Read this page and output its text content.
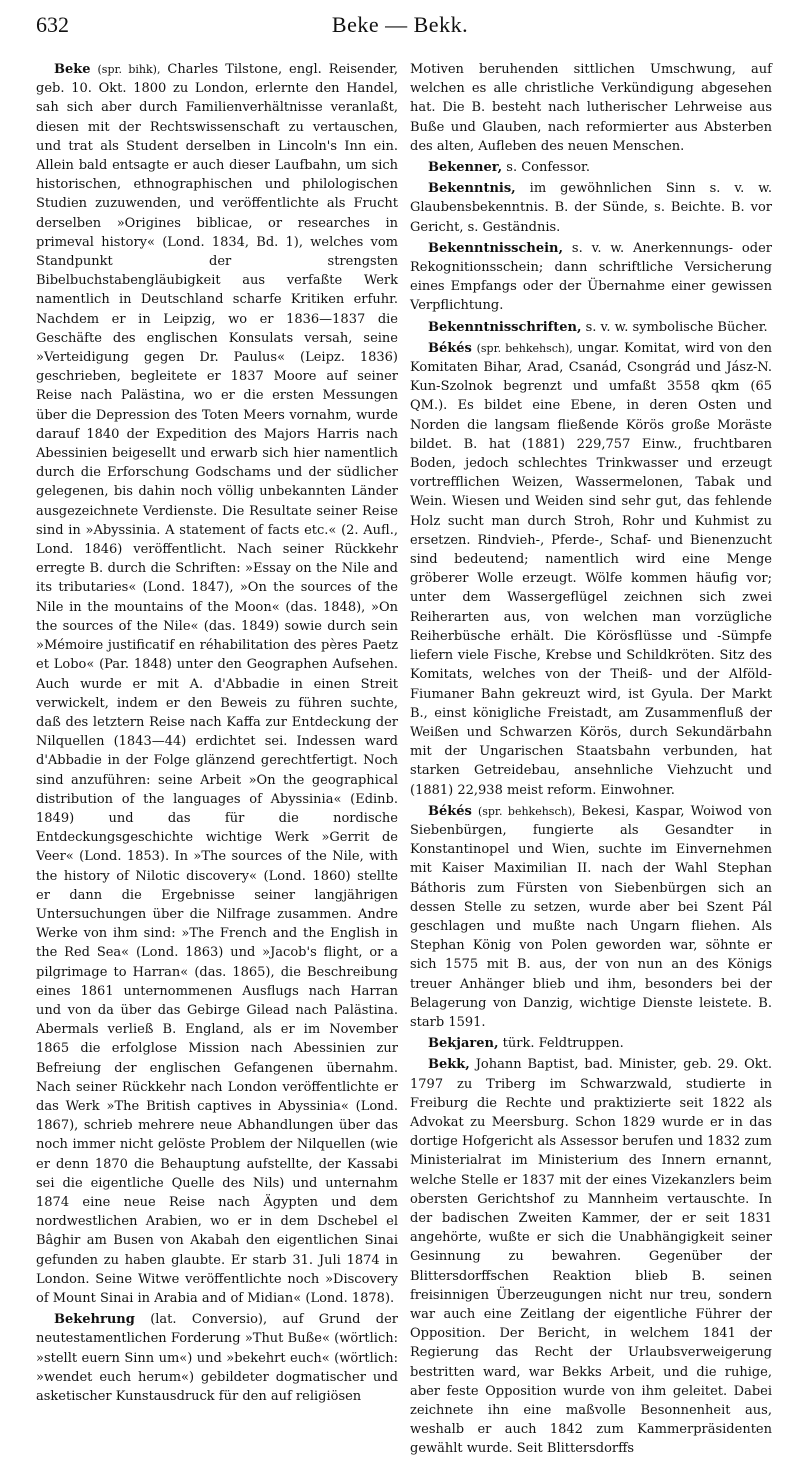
632	Beke — Bekk.

Beke (spr. bihk), Charles Tilstone, engl. Reisender, geb. 10. Okt. 1800 zu London, erlernte den Handel, sah sich aber durch Familienverhältnisse veranlaßt, diesen mit der Rechtswissenschaft zu vertauschen, und trat als Student derselben in Lincoln's Inn ein. Allein bald entsagte er auch dieser Laufbahn, um sich historischen, ethnographischen und philologischen Studien zuzuwenden, und veröffentlichte als Frucht derselben »Origines biblicae, or researches in primeval history« (Lond. 1834, Bd. 1), welches vom Standpunkt der strengsten Bibelbuchstabengläubigkeit aus verfaßte Werk namentlich in Deutschland scharfe Kritiken erfuhr. Nachdem er in Leipzig, wo er 1836—1837 die Geschäfte des englischen Konsulats versah, seine »Verteidigung gegen Dr. Paulus« (Leipz. 1836) geschrieben, begleitete er 1837 Moore auf seiner Reise nach Palästina, wo er die ersten Messungen über die Depression des Toten Meers vornahm, wurde darauf 1840 der Expedition des Majors Harris nach Abessinien beigesellt und erwarb sich hier namentlich durch die Erforschung Godschams und der südlicher gelegenen, bis dahin noch völlig unbekannten Länder ausgezeichnete Verdienste. Die Resultate seiner Reise sind in »Abyssinia. A statement of facts etc.« (2. Aufl., Lond. 1846) veröffentlicht. Nach seiner Rückkehr erregte B. durch die Schriften: »Essay on the Nile and its tributaries« (Lond. 1847), »On the sources of the Nile in the mountains of the Moon« (das. 1848), »On the sources of the Nile« (das. 1849) sowie durch sein »Mémoire justificatif en réhabilitation des pères Paetz et Lobo« (Par. 1848) unter den Geographen Aufsehen. Auch wurde er mit A. d'Abbadie in einen Streit verwickelt, indem er den Beweis zu führen suchte, daß des letztern Reise nach Kaffa zur Entdeckung der Nilquellen (1843—44) erdichtet sei. Indessen ward d'Abbadie in der Folge glänzend gerechtfertigt. Noch sind anzuführen: seine Arbeit »On the geographical distribution of the languages of Abyssinia« (Edinb. 1849) und das für die nordische Entdeckungsgeschichte wichtige Werk »Gerrit de Veer« (Lond. 1853). In »The sources of the Nile, with the history of Nilotic discovery« (Lond. 1860) stellte er dann die Ergebnisse seiner langjährigen Untersuchungen über die Nilfrage zusammen. Andre Werke von ihm sind: »The French and the English in the Red Sea« (Lond. 1863) und »Jacob's flight, or a pilgrimage to Harran« (das. 1865), die Beschreibung eines 1861 unternommenen Ausflugs nach Harran und von da über das Gebirge Gilead nach Palästina. Abermals verließ B. England, als er im November 1865 die erfolglose Mission nach Abessinien zur Befreiung der englischen Gefangenen übernahm. Nach seiner Rückkehr nach London veröffentlichte er das Werk »The British captives in Abyssinia« (Lond. 1867), schrieb mehrere neue Abhandlungen über das noch immer nicht gelöste Problem der Nilquellen (wie er denn 1870 die Behauptung aufstellte, der Kassabi sei die eigentliche Quelle des Nils) und unternahm 1874 eine neue Reise nach Ägypten und dem nordwestlichen Arabien, wo er in dem Dschebel el Bâghir am Busen von Akabah den eigentlichen Sinai gefunden zu haben glaubte. Er starb 31. Juli 1874 in London. Seine Witwe veröffentlichte noch »Discovery of Mount Sinai in Arabia and of Midian« (Lond. 1878).

Bekehrung (lat. Conversio), auf Grund der neutestamentlichen Forderung »Thut Buße« (wörtlich: »stellt euern Sinn um«) und »bekehrt euch« (wörtlich: »wendet euch herum«) gebildeter dogmatischer und asketischer Kunstausdruck für den auf religiösen

Motiven beruhenden sittlichen Umschwung, auf welchen es alle christliche Verkündigung abgesehen hat. Die B. besteht nach lutherischer Lehrweise aus Buße und Glauben, nach reformierter aus Absterben des alten, Aufleben des neuen Menschen.

Bekenner, s. Confessor.

Bekenntnis, im gewöhnlichen Sinn s. v. w. Glaubensbekenntnis. B. der Sünde, s. Beichte. B. vor Gericht, s. Geständnis.

Bekenntnisschein, s. v. w. Anerkennungs- oder Rekognitionsschein; dann schriftliche Versicherung eines Empfangs oder der Übernahme einer gewissen Verpflichtung.

Bekenntnisschriften, s. v. w. symbolische Bücher.

Békés (spr. behkehsch), ungar. Komitat, wird von den Komitaten Bihar, Arad, Csanád, Csongrád und Jász-N. Kun-Szolnok begrenzt und umfaßt 3558 qkm (65 QM.). Es bildet eine Ebene, in deren Osten und Norden die langsam fließende Körös große Moräste bildet. B. hat (1881) 229,757 Einw., fruchtbaren Boden, jedoch schlechtes Trinkwasser und erzeugt vortrefflichen Weizen, Wassermelonen, Tabak und Wein. Wiesen und Weiden sind sehr gut, das fehlende Holz sucht man durch Stroh, Rohr und Kuhmist zu ersetzen. Rindvieh-, Pferde-, Schaf- und Bienenzucht sind bedeutend; namentlich wird eine Menge gröberer Wolle erzeugt. Wölfe kommen häufig vor; unter dem Wassergeflügel zeichnen sich zwei Reiherarten aus, von welchen man vorzügliche Reiherbüsche erhält. Die Körösflüsse und -Sümpfe liefern viele Fische, Krebse und Schildkröten. Sitz des Komitats, welches von der Theiß- und der Alföld-Fiumaner Bahn gekreuzt wird, ist Gyula. Der Markt B., einst königliche Freistadt, am Zusammenfluß der Weißen und Schwarzen Körös, durch Sekundärbahn mit der Ungarischen Staatsbahn verbunden, hat starken Getreidebau, ansehnliche Viehzucht und (1881) 22,938 meist reform. Einwohner.

Békés (spr. behkehsch), Bekesi, Kaspar, Woiwod von Siebenbürgen, fungierte als Gesandter in Konstantinopel und Wien, suchte im Einvernehmen mit Kaiser Maximilian II. nach der Wahl Stephan Báthoris zum Fürsten von Siebenbürgen sich an dessen Stelle zu setzen, wurde aber bei Szent Pál geschlagen und mußte nach Ungarn fliehen. Als Stephan König von Polen geworden war, söhnte er sich 1575 mit B. aus, der von nun an des Königs treuer Anhänger blieb und ihm, besonders bei der Belagerung von Danzig, wichtige Dienste leistete. B. starb 1591.

Bekjaren, türk. Feldtruppen.

Bekk, Johann Baptist, bad. Minister, geb. 29. Okt. 1797 zu Triberg im Schwarzwald, studierte in Freiburg die Rechte und praktizierte seit 1822 als Advokat zu Meersburg. Schon 1829 wurde er in das dortige Hofgericht als Assessor berufen und 1832 zum Ministerialrat im Ministerium des Innern ernannt, welche Stelle er 1837 mit der eines Vizekanzlers beim obersten Gerichtshof zu Mannheim vertauschte. In der badischen Zweiten Kammer, der er seit 1831 angehörte, wußte er sich die Unabhängigkeit seiner Gesinnung zu bewahren. Gegenüber der Blittersdorffschen Reaktion blieb B. seinen freisinnigen Überzeugungen nicht nur treu, sondern war auch eine Zeitlang der eigentliche Führer der Opposition. Der Bericht, in welchem 1841 der Regierung das Recht der Urlaubsverweigerung bestritten ward, war Bekks Arbeit, und die ruhige, aber feste Opposition wurde von ihm geleitet. Dabei zeichnete ihn eine maßvolle Besonnenheit aus, weshalb er auch 1842 zum Kammerpräsidenten gewählt wurde. Seit Blittersdorffs
